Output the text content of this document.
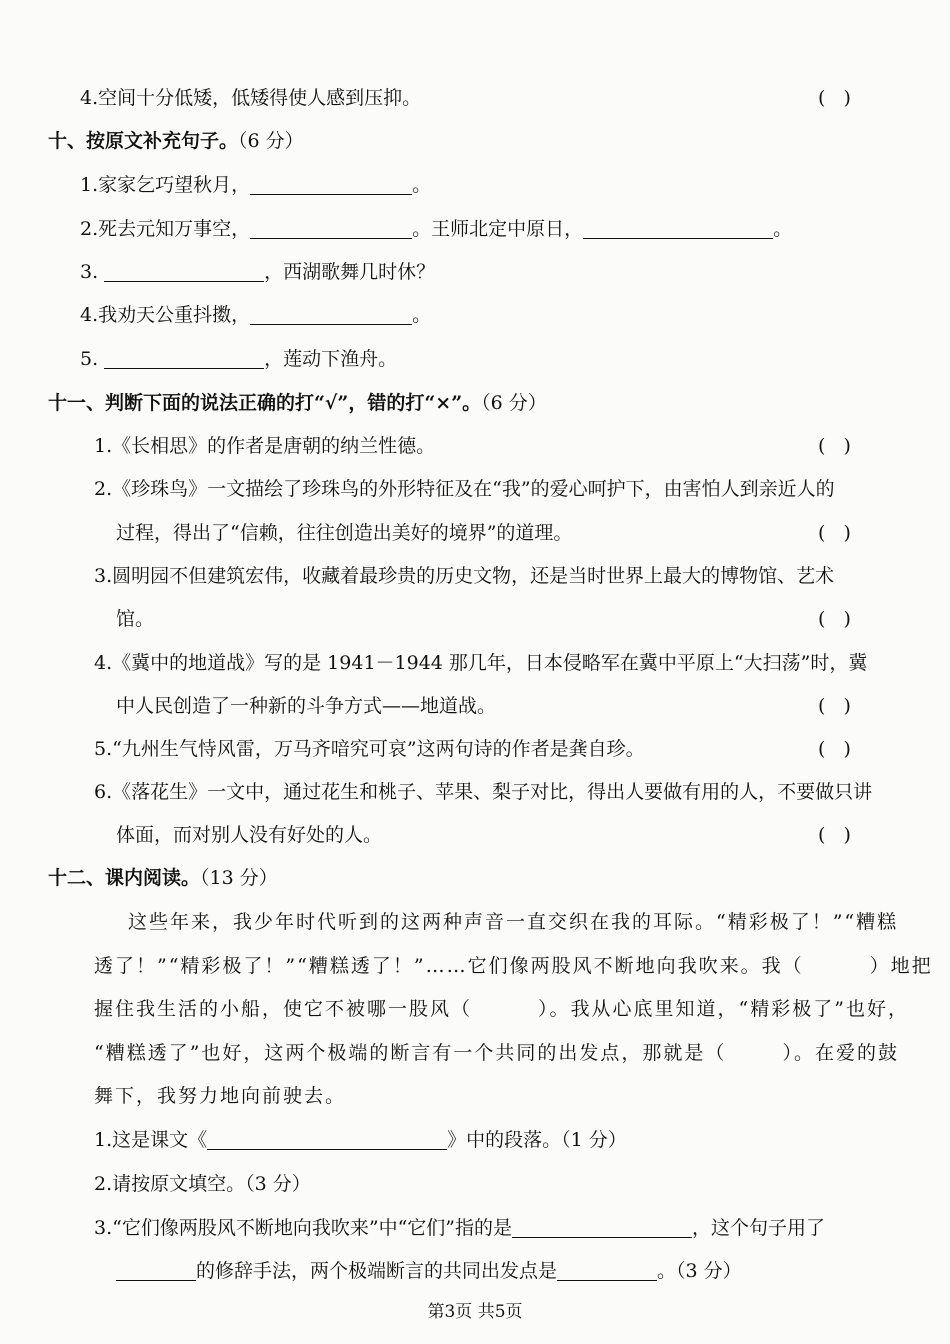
4.空间十分低矮，低矮得使人感到压抑。	(   )
十、按原文补充句子。（6 分）
1.家家乞巧望秋月，	。
2.死去元知万事空，	。王师北定中原日，	。
3.	，西湖歌舞几时休？
4.我劝天公重抖擞，	。
5.	，莲动下渔舟。
十一、判断下面的说法正确的打“√”，错的打“×”。（6 分）
1.《长相思》的作者是唐朝的纳兰性德。	(   )
2.《珍珠鸟》一文描绘了珍珠鸟的外形特征及在“我”的爱心呵护下，由害怕人到亲近人的
过程，得出了“信赖，往往创造出美好的境界”的道理。	(   )
3.圆明园不但建筑宏伟，收藏着最珍贵的历史文物，还是当时世界上最大的博物馆、艺术
馆。	(   )
4.《冀中的地道战》写的是 1941－1944 那几年，日本侵略军在冀中平原上“大扫荡”时，冀
中人民创造了一种新的斗争方式——地道战。	(   )
5.“九州生气恃风雷，万马齐喑究可哀”这两句诗的作者是龚自珍。	(   )
6.《落花生》一文中，通过花生和桃子、苹果、梨子对比，得出人要做有用的人，不要做只讲
体面，而对别人没有好处的人。	(   )
十二、课内阅读。（13 分）
这些年来，我少年时代听到的这两种声音一直交织在我的耳际。“精彩极了！”“糟糕
透了！”“精彩极了！”“糟糕透了！”……它们像两股风不断地向我吹来。我（	）地把
握住我生活的小船，使它不被哪一股风（	）。我从心底里知道，“精彩极了”也好，
“糟糕透了”也好，这两个极端的断言有一个共同的出发点，那就是（	）。在爱的鼓
舞下，我努力地向前驶去。
1.这是课文《	》中的段落。（1 分）
2.请按原文填空。（3 分）
3.“它们像两股风不断地向我吹来”中“它们”指的是	，这个句子用了
的修辞手法，两个极端断言的共同出发点是	。（3 分）
第3页 共5页
